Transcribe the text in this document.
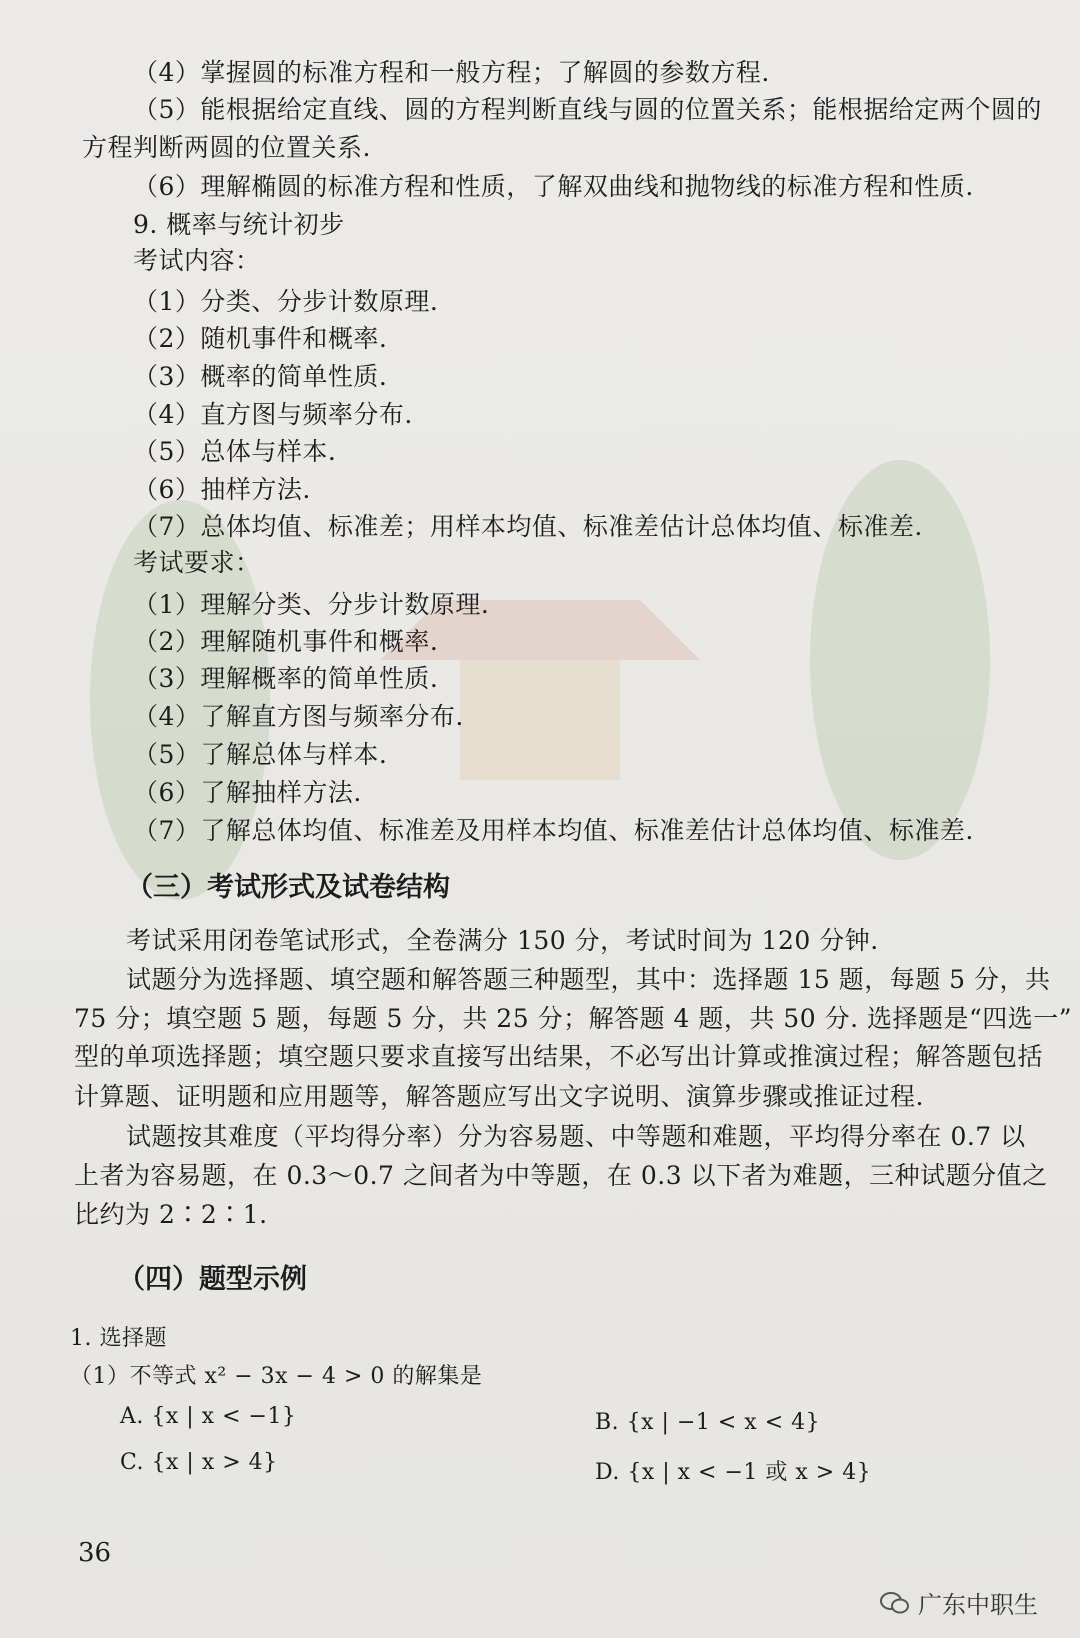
（4）掌握圆的标准方程和一般方程；了解圆的参数方程.
（5）能根据给定直线、圆的方程判断直线与圆的位置关系；能根据给定两个圆的
方程判断两圆的位置关系.
（6）理解椭圆的标准方程和性质，了解双曲线和抛物线的标准方程和性质.
9. 概率与统计初步
考试内容：
（1）分类、分步计数原理.
（2）随机事件和概率.
（3）概率的简单性质.
（4）直方图与频率分布.
（5）总体与样本.
（6）抽样方法.
（7）总体均值、标准差；用样本均值、标准差估计总体均值、标准差.
考试要求：
（1）理解分类、分步计数原理.
（2）理解随机事件和概率.
（3）理解概率的简单性质.
（4）了解直方图与频率分布.
（5）了解总体与样本.
（6）了解抽样方法.
（7）了解总体均值、标准差及用样本均值、标准差估计总体均值、标准差.
（三）考试形式及试卷结构
考试采用闭卷笔试形式，全卷满分 150 分，考试时间为 120 分钟.
试题分为选择题、填空题和解答题三种题型，其中：选择题 15 题，每题 5 分，共
75 分；填空题 5 题，每题 5 分，共 25 分；解答题 4 题，共 50 分. 选择题是“四选一”
型的单项选择题；填空题只要求直接写出结果，不必写出计算或推演过程；解答题包括
计算题、证明题和应用题等，解答题应写出文字说明、演算步骤或推证过程.
试题按其难度（平均得分率）分为容易题、中等题和难题，平均得分率在 0.7 以
上者为容易题，在 0.3～0.7 之间者为中等题，在 0.3 以下者为难题，三种试题分值之
比约为 2∶2∶1.
（四）题型示例
1. 选择题
（1）不等式 x² − 3x − 4 > 0 的解集是
A. {x | x < −1}	B. {x | −1 < x < 4}
C. {x | x > 4}	D. {x | x < −1 或 x > 4}
36
广东中职生
